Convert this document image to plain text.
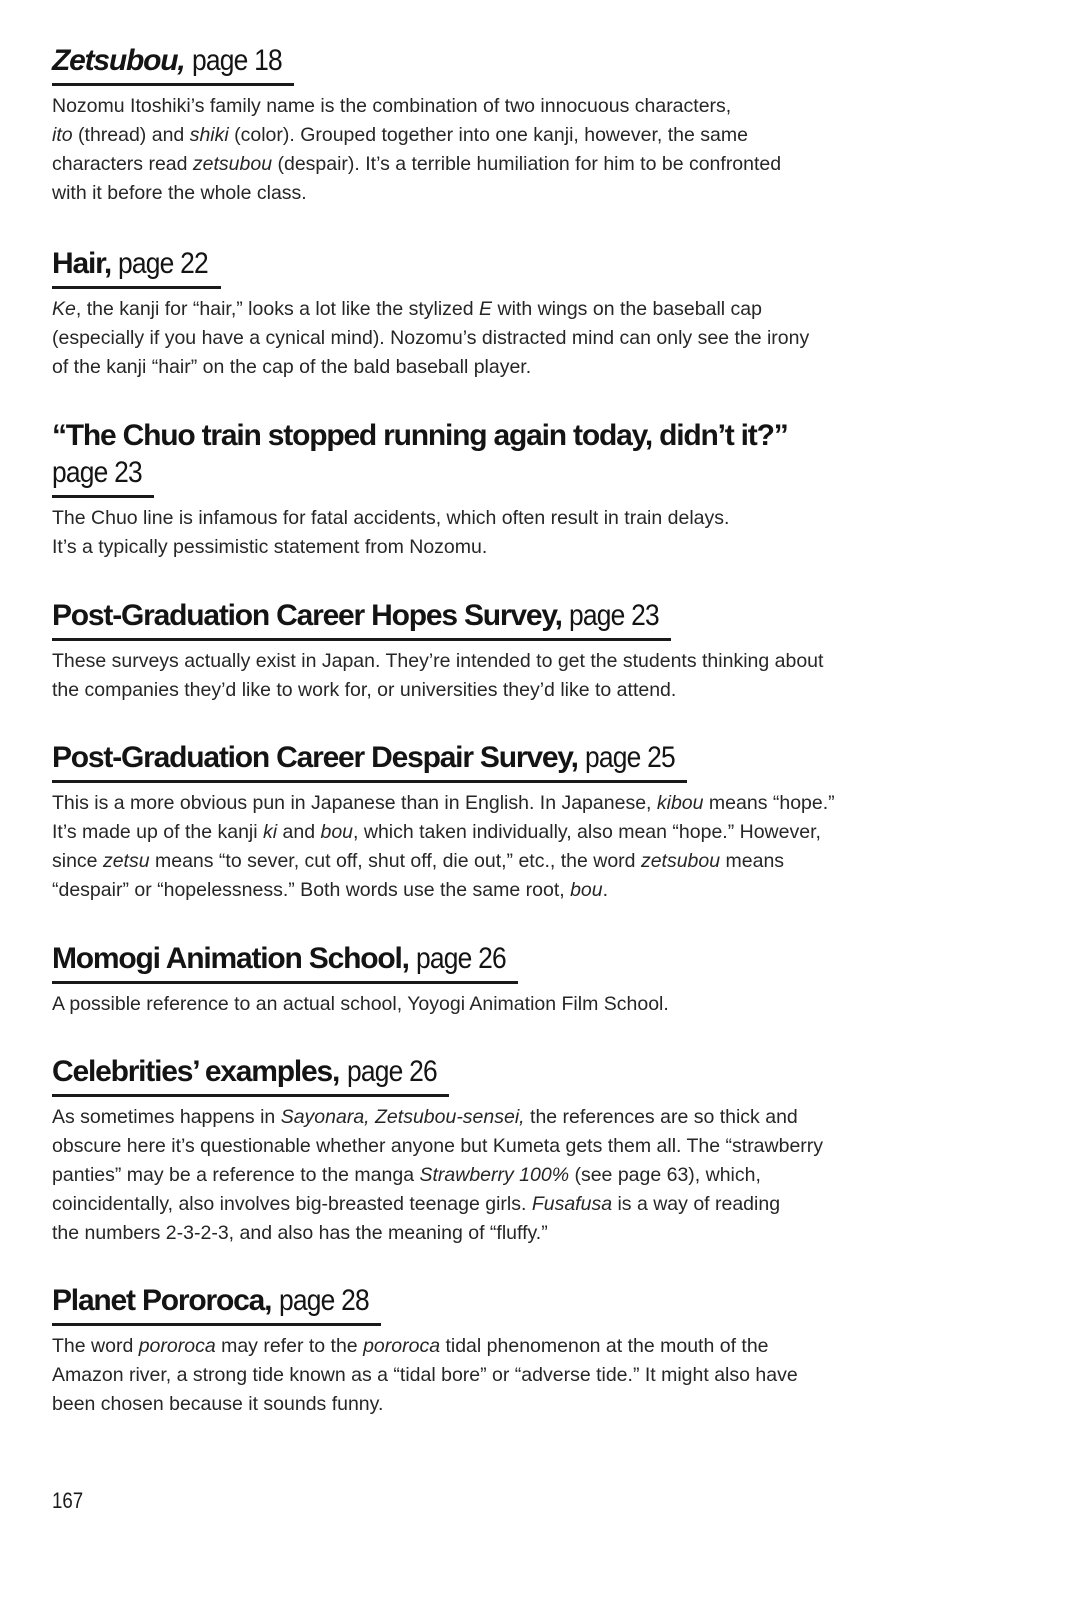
Zetsubou, page 18
Nozomu Itoshiki’s family name is the combination of two innocuous characters,
ito (thread) and shiki (color). Grouped together into one kanji, however, the same
characters read zetsubou (despair). It’s a terrible humiliation for him to be confronted
with it before the whole class.
Hair, page 22
Ke, the kanji for “hair,” looks a lot like the stylized E with wings on the baseball cap
(especially if you have a cynical mind). Nozomu’s distracted mind can only see the irony
of the kanji “hair” on the cap of the bald baseball player.
“The Chuo train stopped running again today, didn’t it?”
page 23
The Chuo line is infamous for fatal accidents, which often result in train delays.
It’s a typically pessimistic statement from Nozomu.
Post-Graduation Career Hopes Survey, page 23
These surveys actually exist in Japan. They’re intended to get the students thinking about
the companies they’d like to work for, or universities they’d like to attend.
Post-Graduation Career Despair Survey, page 25
This is a more obvious pun in Japanese than in English. In Japanese, kibou means “hope.”
It’s made up of the kanji ki and bou, which taken individually, also mean “hope.” However,
since zetsu means “to sever, cut off, shut off, die out,” etc., the word zetsubou means
“despair” or “hopelessness.” Both words use the same root, bou.
Momogi Animation School, page 26
A possible reference to an actual school, Yoyogi Animation Film School.
Celebrities’ examples, page 26
As sometimes happens in Sayonara, Zetsubou-sensei, the references are so thick and
obscure here it’s questionable whether anyone but Kumeta gets them all. The “strawberry
panties” may be a reference to the manga Strawberry 100% (see page 63), which,
coincidentally, also involves big-breasted teenage girls. Fusafusa is a way of reading
the numbers 2-3-2-3, and also has the meaning of “fluffy.”
Planet Pororoca, page 28
The word pororoca may refer to the pororoca tidal phenomenon at the mouth of the
Amazon river, a strong tide known as a “tidal bore” or “adverse tide.” It might also have
been chosen because it sounds funny.
167
